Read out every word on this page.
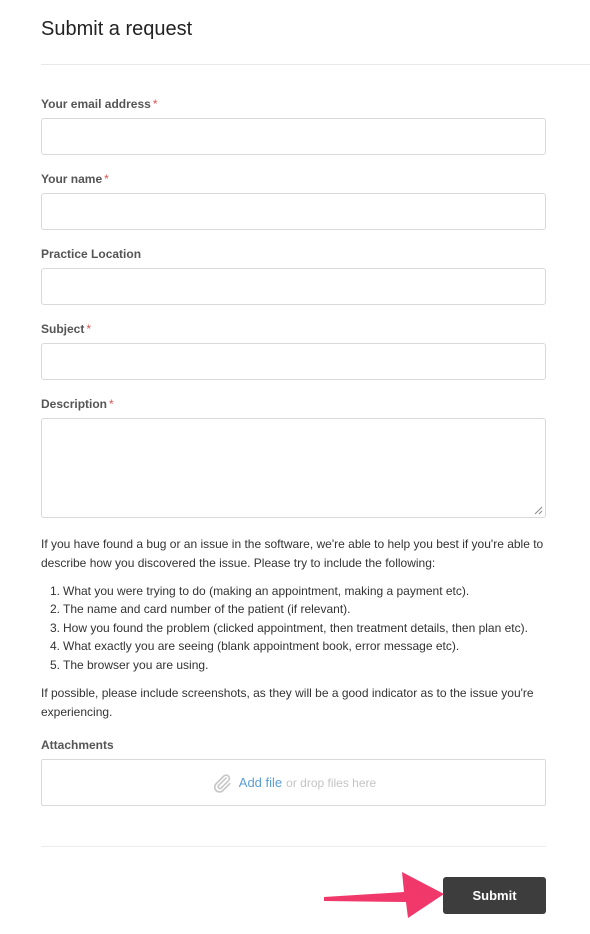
Submit a request
Your email address *
Your name *
Practice Location
Subject *
Description *

If you have found a bug or an issue in the software, we're able to help you best if you're able to describe how you discovered the issue. Please try to include the following:

1. What you were trying to do (making an appointment, making a payment etc).
2. The name and card number of the patient (if relevant).
3. How you found the problem (clicked appointment, then treatment details, then plan etc).
4. What exactly you are seeing (blank appointment book, error message etc).
5. The browser you are using.

If possible, please include screenshots, as they will be a good indicator as to the issue you're experiencing.

Attachments
Add file or drop files here
Submit
